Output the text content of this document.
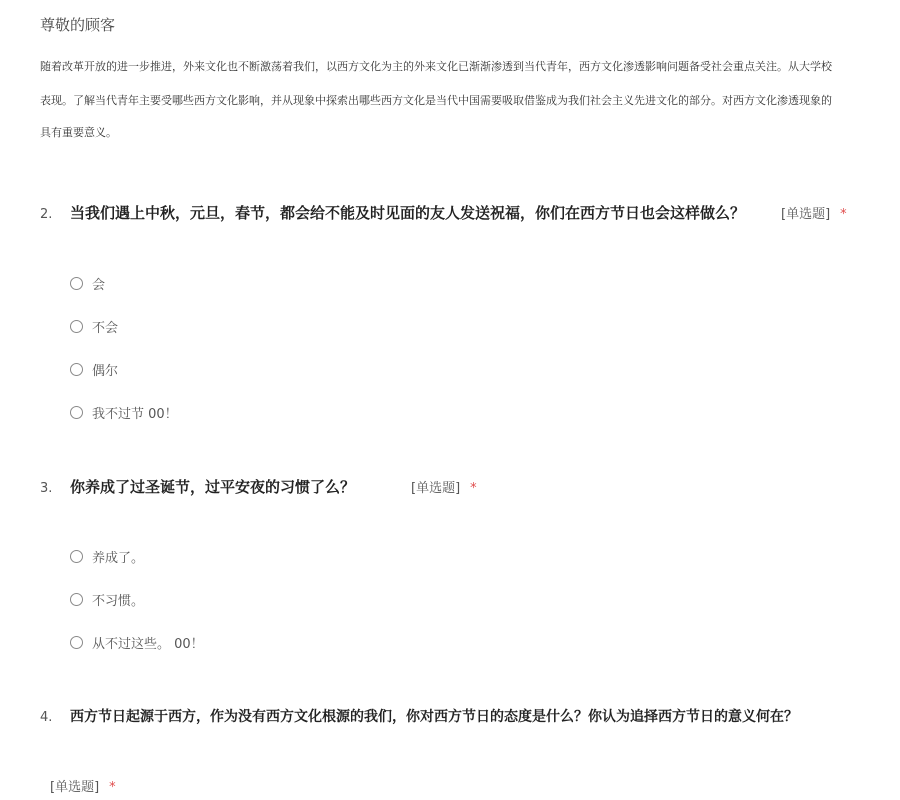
尊敬的顾客
随着改革开放的进一步推进，外来文化也不断激荡着我们，以西方文化为主的外来文化已渐渐渗透到当代青年，西方文化渗透影响问题备受社会重点关注。从大学校
表现。了解当代青年主要受哪些西方文化影响，并从现象中探索出哪些西方文化是当代中国需要吸取借鉴成为我们社会主义先进文化的部分。对西方文化渗透现象的
具有重要意义。
2. 当我们遇上中秋，元旦，春节，都会给不能及时见面的友人发送祝福，你们在西方节日也会这样做么？	[单选题] *
会
不会
偶尔
我不过节 00！
3. 你养成了过圣诞节，过平安夜的习惯了么？	[单选题] *
养成了。
不习惯。
从不过这些。 00！
4. 西方节日起源于西方，作为没有西方文化根源的我们，你对西方节日的态度是什么？你认为追择西方节日的意义何在？
[单选题] *
